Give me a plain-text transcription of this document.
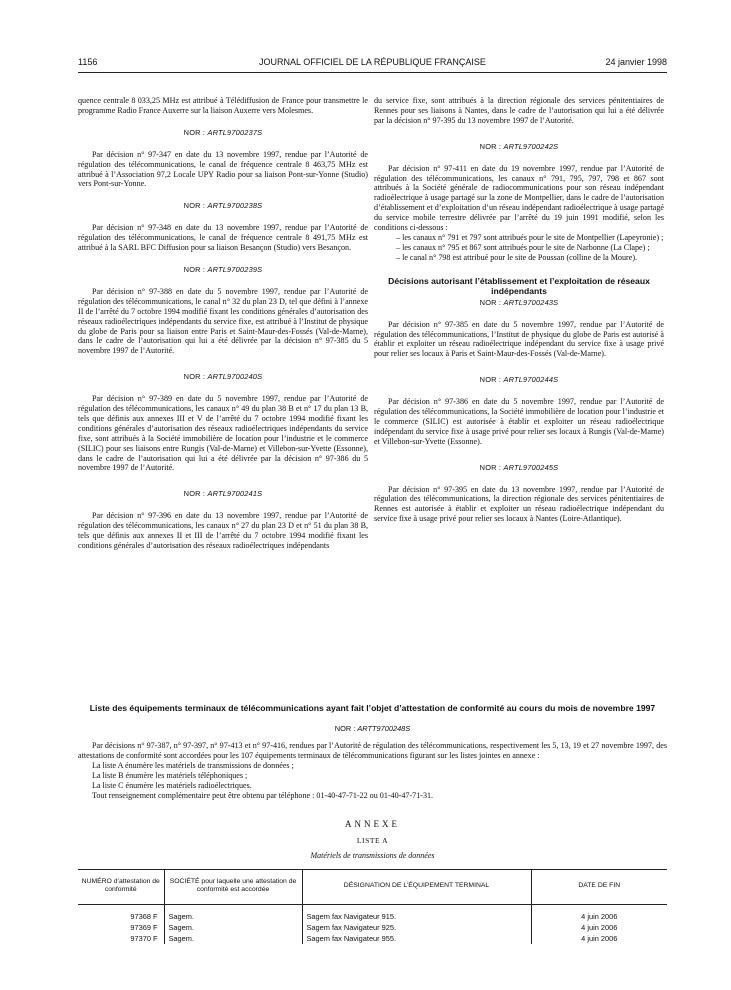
1156	JOURNAL OFFICIEL DE LA RÉPUBLIQUE FRANÇAISE	24 janvier 1998

quence centrale 8 033,25 MHz est attribué à Télédiffusion de France pour transmettre le programme Radio France Auxerre sur la liaison Auxerre vers Molesmes.

NOR : ARTL9700237S

Par décision n° 97-347 en date du 13 novembre 1997, rendue par l’Autorité de régulation des télécommunications, le canal de fréquence centrale 8 463,75 MHz est attribué à l’Association 97,2 Locale UPY Radio pour sa liaison Pont-sur-Yonne (Studio) vers Pont-sur-Yonne.

NOR : ARTL9700238S

Par décision n° 97-348 en date du 13 novembre 1997, rendue par l’Autorité de régulation des télécommunications, le canal de fréquence centrale 8 491,75 MHz est attribué à la SARL BFC Diffusion pour sa liaison Besançon (Studio) vers Besançon.

NOR : ARTL9700239S

Par décision n° 97-388 en date du 5 novembre 1997, rendue par l’Autorité de régulation des télécommunications, le canal n° 32 du plan 23 D, tel que défini à l’annexe II de l’arrêté du 7 octobre 1994 modifié fixant les conditions générales d’autorisation des réseaux radioélectriques indépendants du service fixe, est attribué à l’Institut de physique du globe de Paris pour sa liaison entre Paris et Saint-Maur-des-Fossés (Val-de-Marne), dans le cadre de l’autorisation qui lui a été délivrée par la décision n° 97-385 du 5 novembre 1997 de l’Autorité.

NOR : ARTL9700240S

Par décision n° 97-389 en date du 5 novembre 1997, rendue par l’Autorité de régulation des télécommunications, les canaux n° 49 du plan 38 B et n° 17 du plan 13 B, tels que définis aux annexes III et V de l’arrêté du 7 octobre 1994 modifié fixant les conditions générales d’autorisation des réseaux radioélectriques indépendants du service fixe, sont attribués à la Société immobilière de location pour l’industrie et le commerce (SILIC) pour ses liaisons entre Rungis (Val-de-Marne) et Villebon-sur-Yvette (Essonne), dans le cadre de l’autorisation qui lui a été délivrée par la décision n° 97-386 du 5 novembre 1997 de l’Autorité.

NOR : ARTL9700241S

Par décision n° 97-396 en date du 13 novembre 1997, rendue par l’Autorité de régulation des télécommunications, les canaux n° 27 du plan 23 D et n° 51 du plan 38 B, tels que définis aux annexes II et III de l’arrêté du 7 octobre 1994 modifié fixant les conditions générales d’autorisation des réseaux radioélectriques indépendants

du service fixe, sont attribués à la direction régionale des services pénitentiaires de Rennes pour ses liaisons à Nantes, dans le cadre de l’autorisation qui lui a été délivrée par la décision n° 97-395 du 13 novembre 1997 de l’Autorité.

NOR : ARTL9700242S

Par décision n° 97-411 en date du 19 novembre 1997, rendue par l’Autorité de régulation des télécommunications, les canaux n° 791, 795, 797, 798 et 867 sont attribués à la Société générale de radiocommunications pour son réseau indépendant radioélectrique à usage partagé sur la zone de Montpellier, dans le cadre de l’autorisation d’établissement et d’exploitation d’un réseau indépendant radioélectrique à usage partagé du service mobile terrestre délivrée par l’arrêté du 19 juin 1991 modifié, selon les conditions ci-dessous :

– les canaux n° 791 et 797 sont attribués pour le site de Montpellier (Lapeyronie) ;

– les canaux n° 795 et 867 sont attribués pour le site de Narbonne (La Clape) ;

– le canal n° 798 est attribué pour le site de Poussan (colline de la Moure).

Décisions autorisant l’établissement et l’exploitation de réseaux indépendants

NOR : ARTL9700243S

Par décision n° 97-385 en date du 5 novembre 1997, rendue par l’Autorité de régulation des télécommunications, l’Institut de physique du globe de Paris est autorisé à établir et exploiter un réseau radioélectrique indépendant du service fixe à usage privé pour relier ses locaux à Paris et Saint-Maur-des-Fossés (Val-de-Marne).

NOR : ARTL9700244S

Par décision n° 97-386 en date du 5 novembre 1997, rendue par l’Autorité de régulation des télécommunications, la Société immobilière de location pour l’industrie et le commerce (SILIC) est autorisée à établir et exploiter un réseau radioélectrique indépendant du service fixe à usage privé pour relier ses locaux à Rungis (Val-de-Marne) et Villebon-sur-Yvette (Essonne).

NOR : ARTL9700245S

Par décision n° 97-395 en date du 13 novembre 1997, rendue par l’Autorité de régulation des télécommunications, la direction régionale des services pénitentiaires de Rennes est autorisée à établir et exploiter un réseau radioélectrique indépendant du service fixe à usage privé pour relier ses locaux à Nantes (Loire-Atlantique).

Liste des équipements terminaux de télécommunications ayant fait l’objet d’attestation de conformité au cours du mois de novembre 1997
NOR : ARTT9700248S

Par décisions n° 97-387, n° 97-397, n° 97-413 et n° 97-416, rendues par l’Autorité de régulation des télécommunications, respectivement les 5, 13, 19 et 27 novembre 1997, des attestations de conformité sont accordées pour les 107 équipements terminaux de télécommunications figurant sur les listes jointes en annexe :

La liste A énumère les matériels de transmissions de données ;

La liste B énumère les matériels téléphoniques ;

La liste C énumère les matériels radioélectriques.

Tout renseignement complémentaire peut être obtenu par téléphone : 01-40-47-71-22 ou 01-40-47-71-31.

ANNEXE
LISTE A
Matériels de transmissions de données
NUMÉRO d’attestation de conformité	SOCIÉTÉ pour laquelle une attestation de conformité est accordée	DÉSIGNATION DE L’ÉQUIPEMENT TERMINAL	DATE DE FIN
97368 F	Sagem.	Sagem fax Navigateur 915.	4 juin 2006
97369 F	Sagem.	Sagem fax Navigateur 925.	4 juin 2006
97370 F	Sagem.	Sagem fax Navigateur 955.	4 juin 2006
